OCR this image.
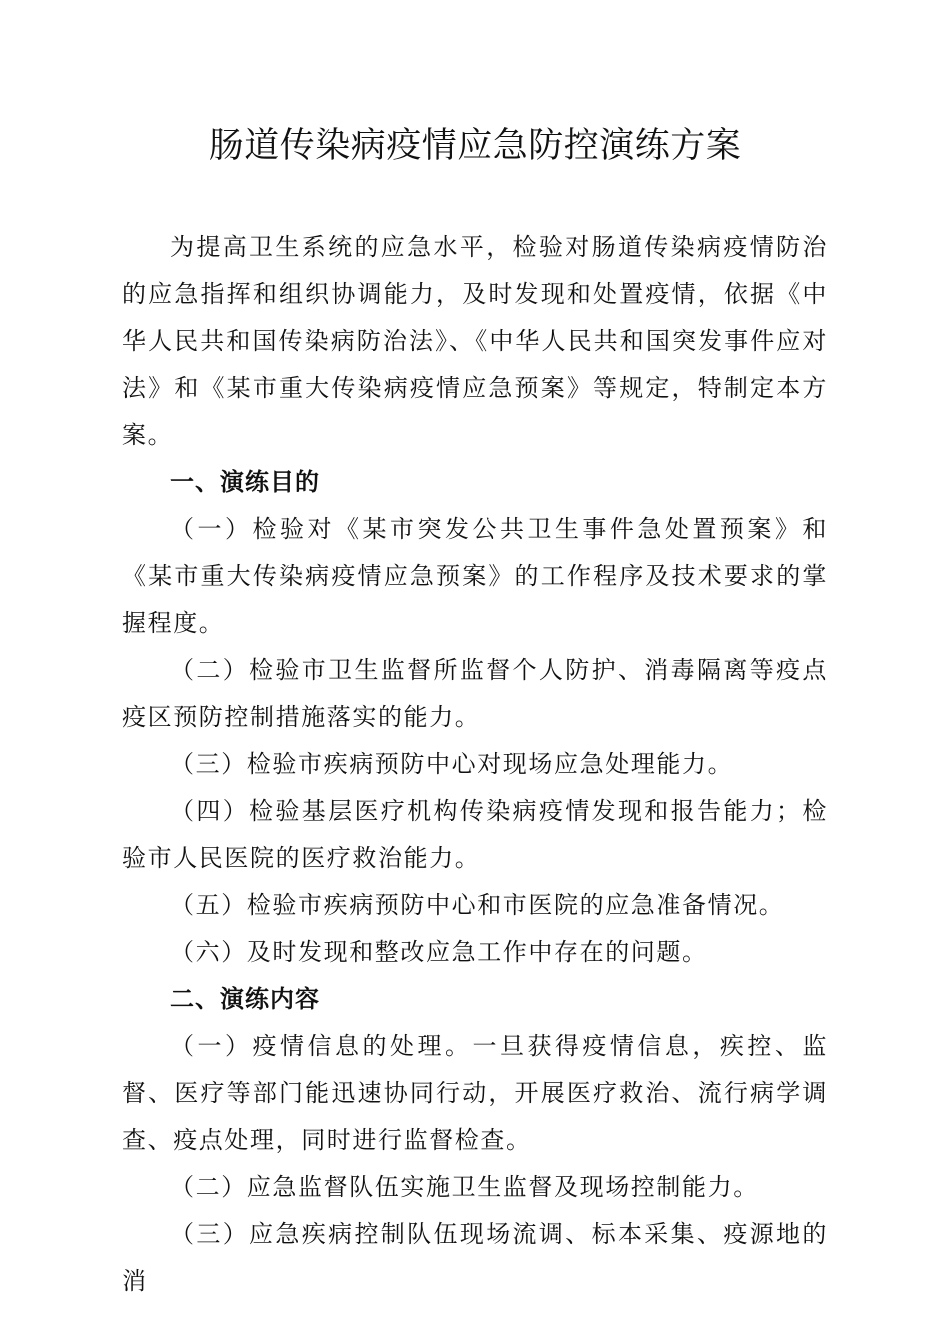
肠道传染病疫情应急防控演练方案

为提高卫生系统的应急水平，检验对肠道传染病疫情防治的应急指挥和组织协调能力，及时发现和处置疫情，依据《中华人民共和国传染病防治法》、《中华人民共和国突发事件应对法》和《某市重大传染病疫情应急预案》等规定，特制定本方案。

一、演练目的

（一）检验对《某市突发公共卫生事件急处置预案》和《某市重大传染病疫情应急预案》的工作程序及技术要求的掌握程度。

（二）检验市卫生监督所监督个人防护、消毒隔离等疫点疫区预防控制措施落实的能力。

（三）检验市疾病预防中心对现场应急处理能力。

（四）检验基层医疗机构传染病疫情发现和报告能力；检验市人民医院的医疗救治能力。

（五）检验市疾病预防中心和市医院的应急准备情况。

（六）及时发现和整改应急工作中存在的问题。

二、演练内容

（一）疫情信息的处理。一旦获得疫情信息，疾控、监督、医疗等部门能迅速协同行动，开展医疗救治、流行病学调查、疫点处理，同时进行监督检查。

（二）应急监督队伍实施卫生监督及现场控制能力。

（三）应急疾病控制队伍现场流调、标本采集、疫源地的消
